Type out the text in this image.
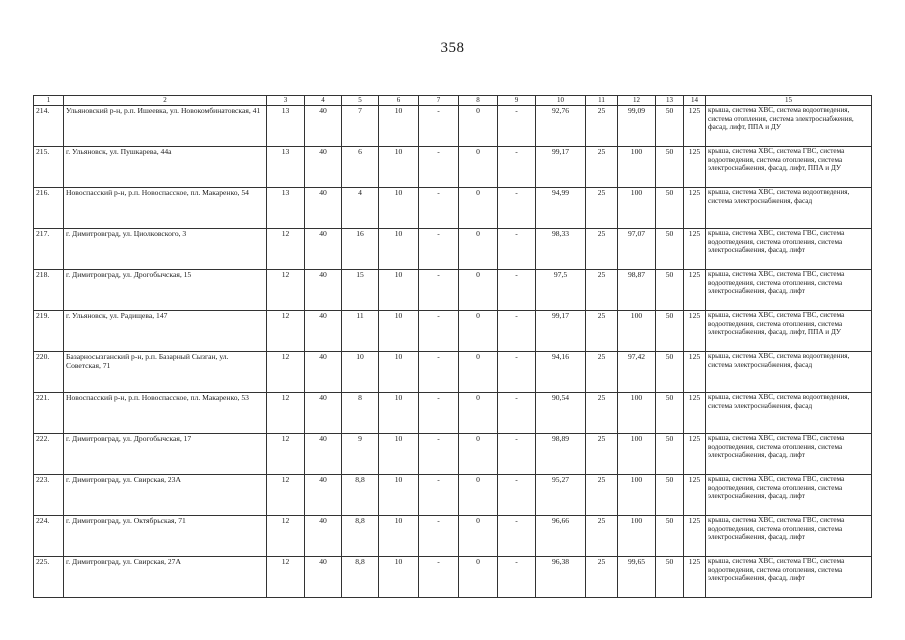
358
1	2	3	4	5	6	7	8	9	10	11	12	13	14	15
214.	Ульяновский р-н, р.п. Ишеевка, ул. Новокомбинатовская, 41	13	40	7	10	-	0	-	92,76	25	99,09	50	125	крыша, система ХВС, система водоотведения, система отопления, система электроснабжения, фасад, лифт, ППА и ДУ
215.	г. Ульяновск, ул. Пушкарева, 44а	13	40	6	10	-	0	-	99,17	25	100	50	125	крыша, система ХВС, система ГВС, система водоотведения, система отопления, система электроснабжения, фасад, лифт, ППА и ДУ
216.	Новоспасский р-н, р.п. Новоспасское, пл. Макаренко, 54	13	40	4	10	-	0	-	94,99	25	100	50	125	крыша, система ХВС, система водоотведения, система электроснабжения, фасад
217.	г. Димитровград, ул. Циолковского, 3	12	40	16	10	-	0	-	98,33	25	97,07	50	125	крыша, система ХВС, система ГВС, система водоотведения, система отопления, система электроснабжения, фасад, лифт
218.	г. Димитровград, ул. Дрогобычская, 15	12	40	15	10	-	0	-	97,5	25	98,87	50	125	крыша, система ХВС, система ГВС, система водоотведения, система отопления, система электроснабжения, фасад, лифт
219.	г. Ульяновск, ул. Радищева, 147	12	40	11	10	-	0	-	99,17	25	100	50	125	крыша, система ХВС, система ГВС, система водоотведения, система отопления, система электроснабжения, фасад, лифт, ППА и ДУ
220.	Базарносызганский р-н, р.п. Базарный Сызган, ул. Советская, 71	12	40	10	10	-	0	-	94,16	25	97,42	50	125	крыша, система ХВС, система водоотведения, система электроснабжения, фасад
221.	Новоспасский р-н, р.п. Новоспасское, пл. Макаренко, 53	12	40	8	10	-	0	-	90,54	25	100	50	125	крыша, система ХВС, система водоотведения, система электроснабжения, фасад
222.	г. Димитровград, ул. Дрогобычская, 17	12	40	9	10	-	0	-	98,89	25	100	50	125	крыша, система ХВС, система ГВС, система водоотведения, система отопления, система электроснабжения, фасад, лифт
223.	г. Димитровград, ул. Свирская, 23А	12	40	8,8	10	-	0	-	95,27	25	100	50	125	крыша, система ХВС, система ГВС, система водоотведения, система отопления, система электроснабжения, фасад, лифт
224.	г. Димитровград, ул. Октябрьская, 71	12	40	8,8	10	-	0	-	96,66	25	100	50	125	крыша, система ХВС, система ГВС, система водоотведения, система отопления, система электроснабжения, фасад, лифт
225.	г. Димитровград, ул. Свирская, 27А	12	40	8,8	10	-	0	-	96,38	25	99,65	50	125	крыша, система ХВС, система ГВС, система водоотведения, система отопления, система электроснабжения, фасад, лифт
